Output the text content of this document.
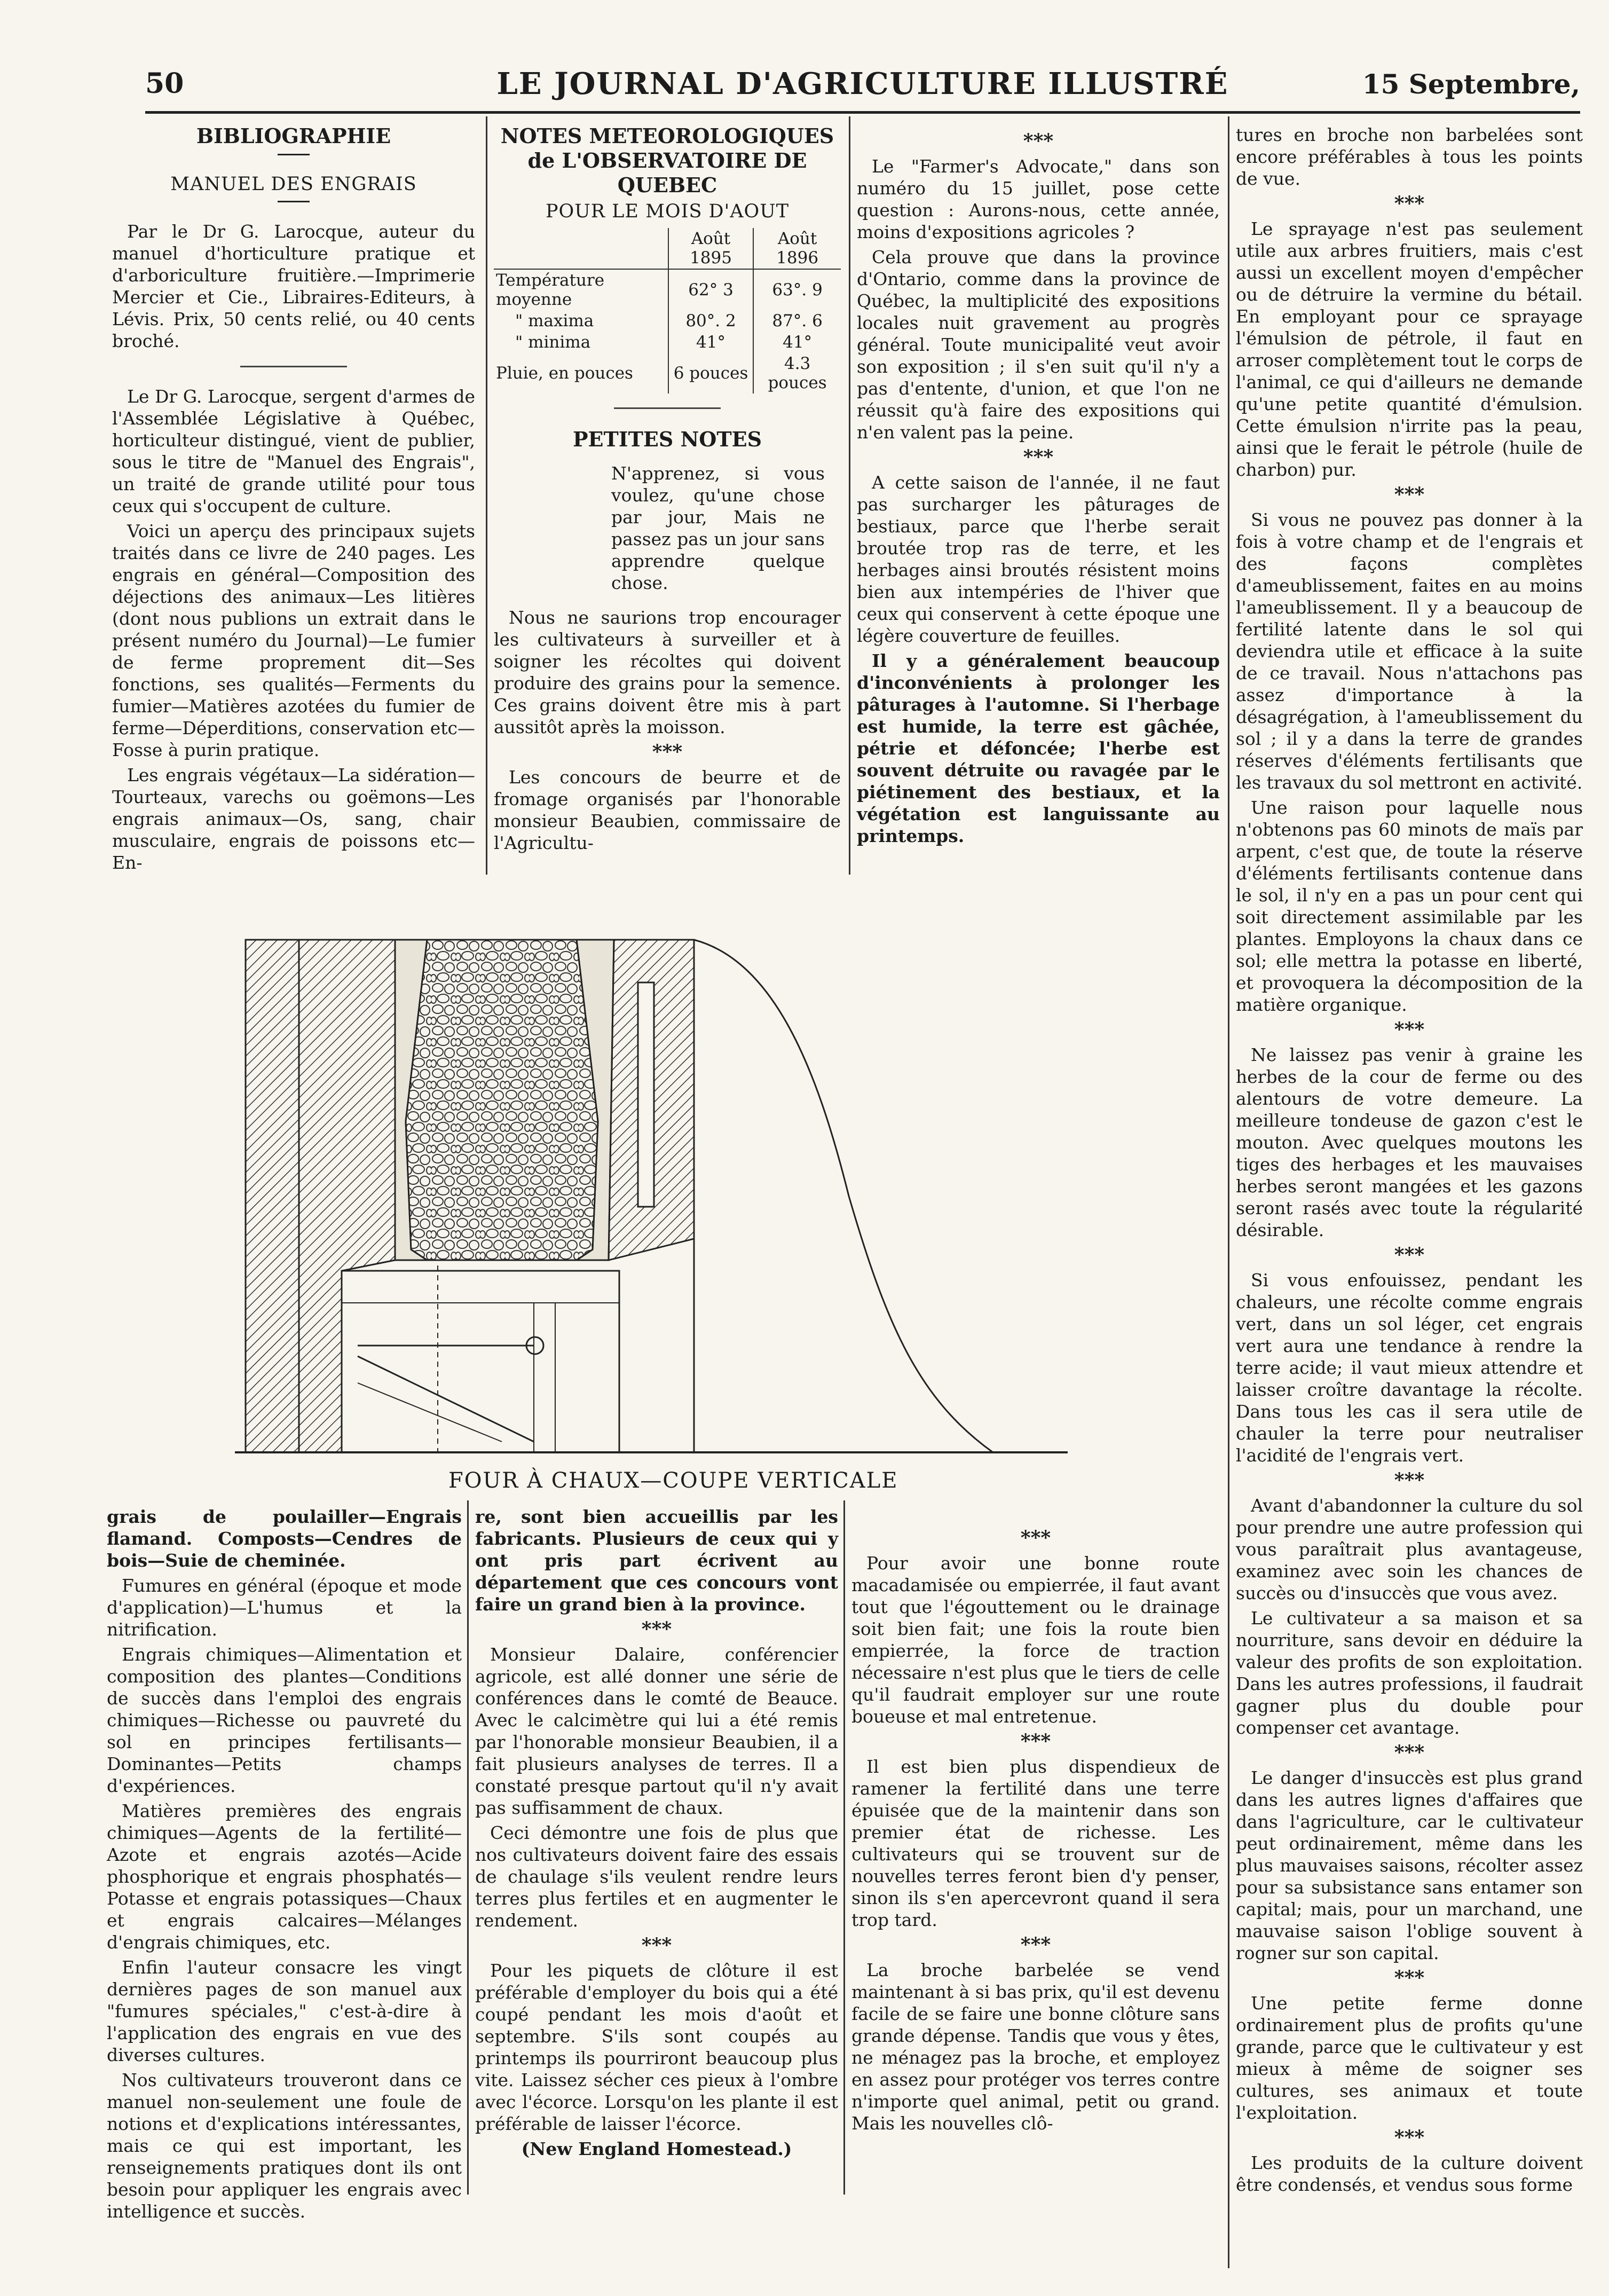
50	LE JOURNAL D'AGRICULTURE ILLUSTRÉ	15 Septembre,

BIBLIOGRAPHIE

MANUEL DES ENGRAIS

Par le Dr G. Larocque, auteur du manuel d'horticulture pratique et d'arboriculture fruitière.—Imprimerie Mercier et Cie., Libraires-Editeurs, à Lévis. Prix, 50 cents relié, ou 40 cents broché.

Le Dr G. Larocque, sergent d'armes de l'Assemblée Législative à Québec, horticulteur distingué, vient de publier, sous le titre de "Manuel des Engrais", un traité de grande utilité pour tous ceux qui s'occupent de culture.

Voici un aperçu des principaux sujets traités dans ce livre de 240 pages. Les engrais en général—Composition des déjections des animaux—Les litières (dont nous publions un extrait dans le présent numéro du Journal)—Le fumier de ferme proprement dit—Ses fonctions, ses qualités—Ferments du fumier—Matières azotées du fumier de ferme—Déperditions, conservation etc—Fosse à purin pratique.

Les engrais végétaux—La sidération—Tourteaux, varechs ou goëmons—Les engrais animaux—Os, sang, chair musculaire, engrais de poissons etc—En-

NOTES METEOROLOGIQUES de L'OBSERVATOIRE DE QUEBEC

POUR LE MOIS D'AOUT

	Août 1895	Août 1896
Température moyenne	62° 3	63°. 9
" maxima	80°. 2	87°. 6
" minima	41°	41°
Pluie, en pouces	6 pouces	4.3 pouces

PETITES NOTES

N'apprenez, si vous voulez, qu'une chose par jour, Mais ne passez pas un jour sans apprendre quelque chose.

Nous ne saurions trop encourager les cultivateurs à surveiller et à soigner les récoltes qui doivent produire des grains pour la semence. Ces grains doivent être mis à part aussitôt après la moisson.

***

Les concours de beurre et de fromage organisés par l'honorable monsieur Beaubien, commissaire de l'Agricultu-

***

Le "Farmer's Advocate," dans son numéro du 15 juillet, pose cette question : Aurons-nous, cette année, moins d'expositions agricoles ?

Cela prouve que dans la province d'Ontario, comme dans la province de Québec, la multiplicité des expositions locales nuit gravement au progrès général. Toute municipalité veut avoir son exposition ; il s'en suit qu'il n'y a pas d'entente, d'union, et que l'on ne réussit qu'à faire des expositions qui n'en valent pas la peine.

***

A cette saison de l'année, il ne faut pas surcharger les pâturages de bestiaux, parce que l'herbe serait broutée trop ras de terre, et les herbages ainsi broutés résistent moins bien aux intempéries de l'hiver que ceux qui conservent à cette époque une légère couverture de feuilles.

Il y a généralement beaucoup d'inconvénients à prolonger les pâturages à l'automne. Si l'herbage est humide, la terre est gâchée, pétrie et défoncée; l'herbe est souvent détruite ou ravagée par le piétinement des bestiaux, et la végétation est languissante au printemps.

tures en broche non barbelées sont encore préférables à tous les points de vue.

***

Le sprayage n'est pas seulement utile aux arbres fruitiers, mais c'est aussi un excellent moyen d'empêcher ou de détruire la vermine du bétail. En employant pour ce sprayage l'émulsion de pétrole, il faut en arroser complètement tout le corps de l'animal, ce qui d'ailleurs ne demande qu'une petite quantité d'émulsion. Cette émulsion n'irrite pas la peau, ainsi que le ferait le pétrole (huile de charbon) pur.

***

Si vous ne pouvez pas donner à la fois à votre champ et de l'engrais et des façons complètes d'ameublissement, faites en au moins l'ameublissement. Il y a beaucoup de fertilité latente dans le sol qui deviendra utile et efficace à la suite de ce travail. Nous n'attachons pas assez d'importance à la désagrégation, à l'ameublissement du sol ; il y a dans la terre de grandes réserves d'éléments fertilisants que les travaux du sol mettront en activité.

Une raison pour laquelle nous n'obtenons pas 60 minots de maïs par arpent, c'est que, de toute la réserve d'éléments fertilisants contenue dans le sol, il n'y en a pas un pour cent qui soit directement assimilable par les plantes. Employons la chaux dans ce sol; elle mettra la potasse en liberté, et provoquera la décomposition de la matière organique.

***

Ne laissez pas venir à graine les herbes de la cour de ferme ou des alentours de votre demeure. La meilleure tondeuse de gazon c'est le mouton. Avec quelques moutons les tiges des herbages et les mauvaises herbes seront mangées et les gazons seront rasés avec toute la régularité désirable.

***

Si vous enfouissez, pendant les chaleurs, une récolte comme engrais vert, dans un sol léger, cet engrais vert aura une tendance à rendre la terre acide; il vaut mieux attendre et laisser croître davantage la récolte. Dans tous les cas il sera utile de chauler la terre pour neutraliser l'acidité de l'engrais vert.

***

Avant d'abandonner la culture du sol pour prendre une autre profession qui vous paraîtrait plus avantageuse, examinez avec soin les chances de succès ou d'insuccès que vous avez.

Le cultivateur a sa maison et sa nourriture, sans devoir en déduire la valeur des profits de son exploitation. Dans les autres professions, il faudrait gagner plus du double pour compenser cet avantage.

***

Le danger d'insuccès est plus grand dans les autres lignes d'affaires que dans l'agriculture, car le cultivateur peut ordinairement, même dans les plus mauvaises saisons, récolter assez pour sa subsistance sans entamer son capital; mais, pour un marchand, une mauvaise saison l'oblige souvent à rogner sur son capital.

***

Une petite ferme donne ordinairement plus de profits qu'une grande, parce que le cultivateur y est mieux à même de soigner ses cultures, ses animaux et toute l'exploitation.

***

Les produits de la culture doivent être condensés, et vendus sous forme

FOUR À CHAUX—COUPE VERTICALE

grais de poulailler—Engrais flamand. Composts—Cendres de bois—Suie de cheminée.

Fumures en général (époque et mode d'application)—L'humus et la nitrification.

Engrais chimiques—Alimentation et composition des plantes—Conditions de succès dans l'emploi des engrais chimiques—Richesse ou pauvreté du sol en principes fertilisants—Dominantes—Petits champs d'expériences.

Matières premières des engrais chimiques—Agents de la fertilité—Azote et engrais azotés—Acide phosphorique et engrais phosphatés—Potasse et engrais potassiques—Chaux et engrais calcaires—Mélanges d'engrais chimiques, etc.

Enfin l'auteur consacre les vingt dernières pages de son manuel aux "fumures spéciales," c'est-à-dire à l'application des engrais en vue des diverses cultures.

Nos cultivateurs trouveront dans ce manuel non-seulement une foule de notions et d'explications intéressantes, mais ce qui est important, les renseignements pratiques dont ils ont besoin pour appliquer les engrais avec intelligence et succès.

re, sont bien accueillis par les fabricants. Plusieurs de ceux qui y ont pris part écrivent au département que ces concours vont faire un grand bien à la province.

***

Monsieur Dalaire, conférencier agricole, est allé donner une série de conférences dans le comté de Beauce. Avec le calcimètre qui lui a été remis par l'honorable monsieur Beaubien, il a fait plusieurs analyses de terres. Il a constaté presque partout qu'il n'y avait pas suffisamment de chaux.

Ceci démontre une fois de plus que nos cultivateurs doivent faire des essais de chaulage s'ils veulent rendre leurs terres plus fertiles et en augmenter le rendement.

***

Pour les piquets de clôture il est préférable d'employer du bois qui a été coupé pendant les mois d'août et septembre. S'ils sont coupés au printemps ils pourriront beaucoup plus vite. Laissez sécher ces pieux à l'ombre avec l'écorce. Lorsqu'on les plante il est préférable de laisser l'écorce.

(New England Homestead.)

***

Pour avoir une bonne route macadamisée ou empierrée, il faut avant tout que l'égouttement ou le drainage soit bien fait; une fois la route bien empierrée, la force de traction nécessaire n'est plus que le tiers de celle qu'il faudrait employer sur une route boueuse et mal entretenue.

***

Il est bien plus dispendieux de ramener la fertilité dans une terre épuisée que de la maintenir dans son premier état de richesse. Les cultivateurs qui se trouvent sur de nouvelles terres feront bien d'y penser, sinon ils s'en apercevront quand il sera trop tard.

***

La broche barbelée se vend maintenant à si bas prix, qu'il est devenu facile de se faire une bonne clôture sans grande dépense. Tandis que vous y êtes, ne ménagez pas la broche, et employez en assez pour protéger vos terres contre n'importe quel animal, petit ou grand. Mais les nouvelles clô-
